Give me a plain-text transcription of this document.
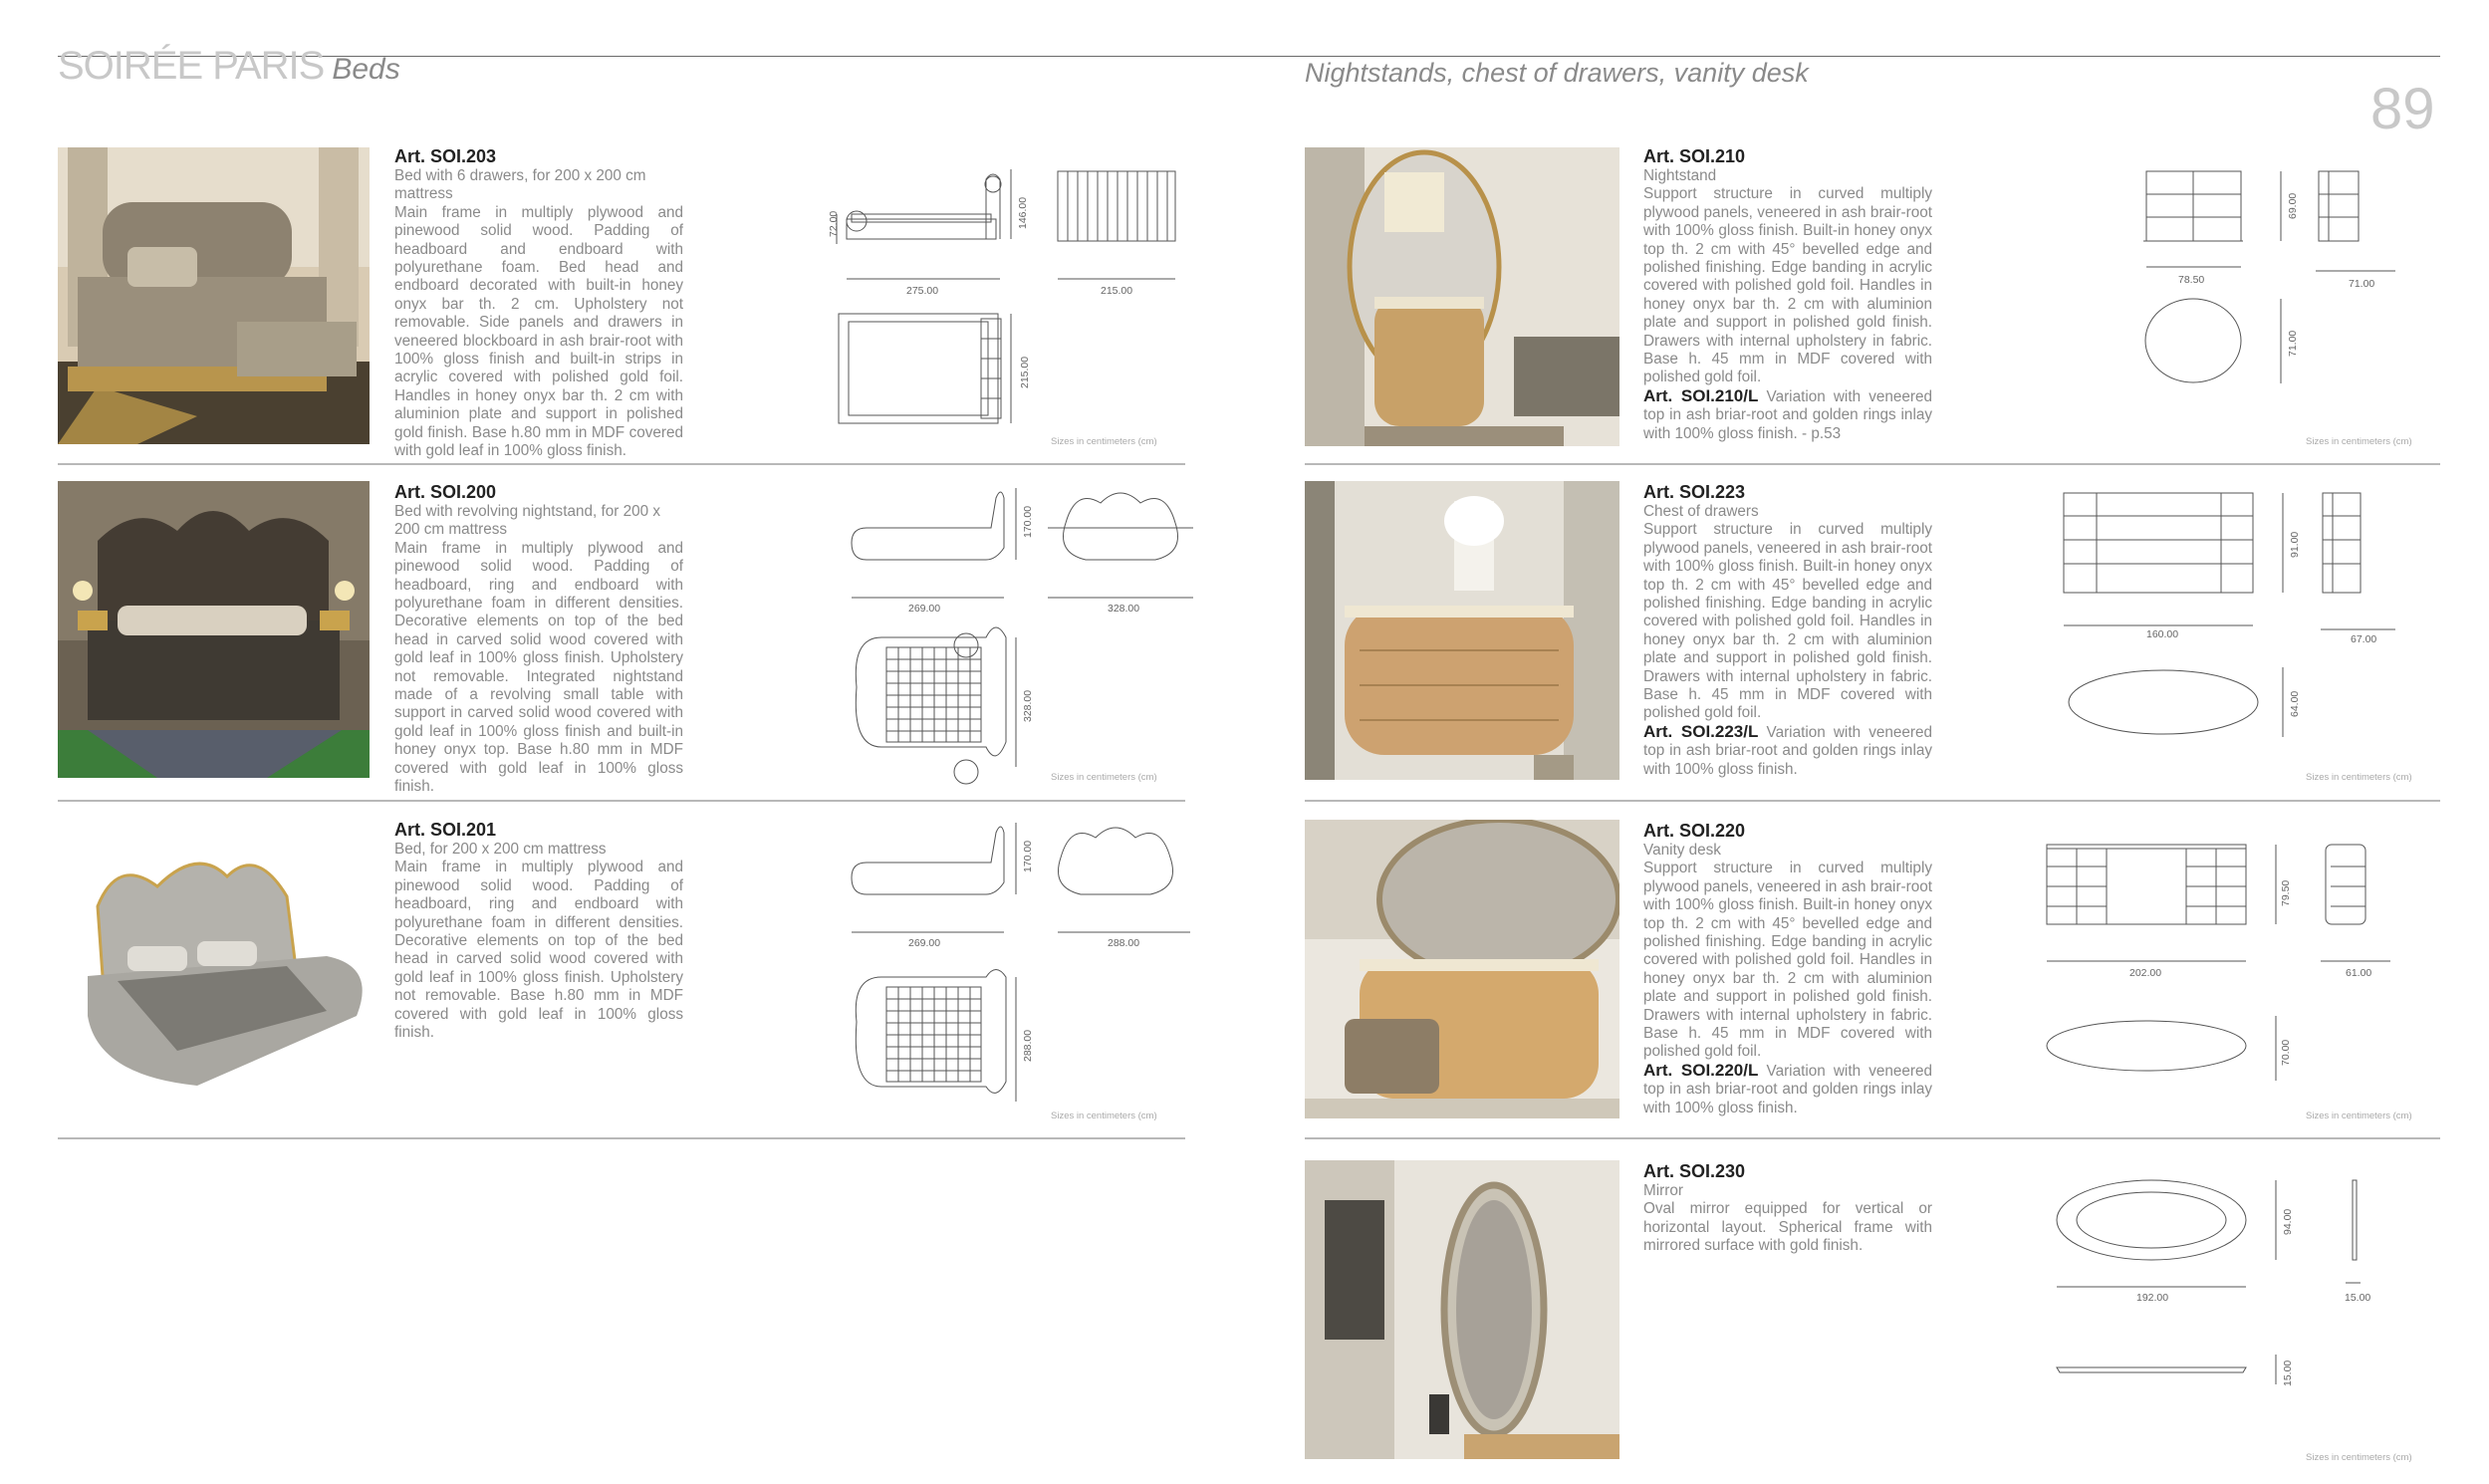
SOIRÉE PARIS Beds	Nightstands, chest of drawers, vanity desk
89
Art. SOI.203
Bed with 6 drawers, for 200 x 200 cm mattress
Main frame in multiply plywood and pinewood solid wood. Padding of headboard and endboard with polyurethane foam. Bed head and endboard decorated with built-in honey onyx bar th. 2 cm. Upholstery not removable. Side panels and drawers in veneered blockboard in ash brair-root with 100% gloss finish and built-in strips in acrylic covered with polished gold foil. Handles in honey onyx bar th. 2 cm with aluminion plate and support in polished gold finish. Base h.80 mm in MDF covered with gold leaf in 100% gloss finish.
72.00	146.00
275.00	215.00
215.00
Sizes in centimeters (cm)
Art. SOI.200
Bed with revolving nightstand, for 200 x 200 cm mattress
Main frame in multiply plywood and pinewood solid wood. Padding of headboard, ring and endboard with polyurethane foam in different densities. Decorative elements on top of the bed head in carved solid wood covered with gold leaf in 100% gloss finish. Upholstery not removable. Integrated nightstand made of a revolving small table with support in carved solid wood covered with gold leaf in 100% gloss finish and built-in honey onyx top. Base h.80 mm in MDF covered with gold leaf in 100% gloss finish.
170.00
269.00	328.00
328.00
Sizes in centimeters (cm)
Art. SOI.201
Bed, for 200 x 200 cm mattress
Main frame in multiply plywood and pinewood solid wood. Padding of headboard, ring and endboard with polyurethane foam in different densities. Decorative elements on top of the bed head in carved solid wood covered with gold leaf in 100% gloss finish. Upholstery not removable. Base h.80 mm in MDF covered with gold leaf in 100% gloss finish.
170.00
269.00	288.00
288.00
Sizes in centimeters (cm)
Art. SOI.210
Nightstand
Support structure in curved multiply plywood panels, veneered in ash brair-root with 100% gloss finish. Built-in honey onyx top th. 2 cm with 45° bevelled edge and polished finishing. Edge banding in acrylic covered with polished gold foil. Handles in honey onyx bar th. 2 cm with aluminion plate and support in polished gold finish. Drawers with internal upholstery in fabric. Base h. 45 mm in MDF covered with polished gold foil.
Art. SOI.210/L Variation with veneered top in ash briar-root and golden rings inlay with 100% gloss finish. - p.53
69.00
78.50	71.00
71.00
Sizes in centimeters (cm)
Art. SOI.223
Chest of drawers
Support structure in curved multiply plywood panels, veneered in ash brair-root with 100% gloss finish. Built-in honey onyx top th. 2 cm with 45° bevelled edge and polished finishing. Edge banding in acrylic covered with polished gold foil. Handles in honey onyx bar th. 2 cm with aluminion plate and support in polished gold finish. Drawers with internal upholstery in fabric. Base h. 45 mm in MDF covered with polished gold foil.
Art. SOI.223/L Variation with veneered top in ash briar-root and golden rings inlay with 100% gloss finish.
91.00
160.00	67.00
64.00
Sizes in centimeters (cm)
Art. SOI.220
Vanity desk
Support structure in curved multiply plywood panels, veneered in ash brair-root with 100% gloss finish. Built-in honey onyx top th. 2 cm with 45° bevelled edge and polished finishing. Edge banding in acrylic covered with polished gold foil. Handles in honey onyx bar th. 2 cm with aluminion plate and support in polished gold finish. Drawers with internal upholstery in fabric. Base h. 45 mm in MDF covered with polished gold foil.
Art. SOI.220/L Variation with veneered top in ash briar-root and golden rings inlay with 100% gloss finish.
79.50
202.00	61.00
70.00
Sizes in centimeters (cm)
Art. SOI.230
Mirror
Oval mirror equipped for vertical or horizontal layout. Spherical frame with mirrored surface with gold finish.
94.00
192.00	15.00
15.00
Sizes in centimeters (cm)
